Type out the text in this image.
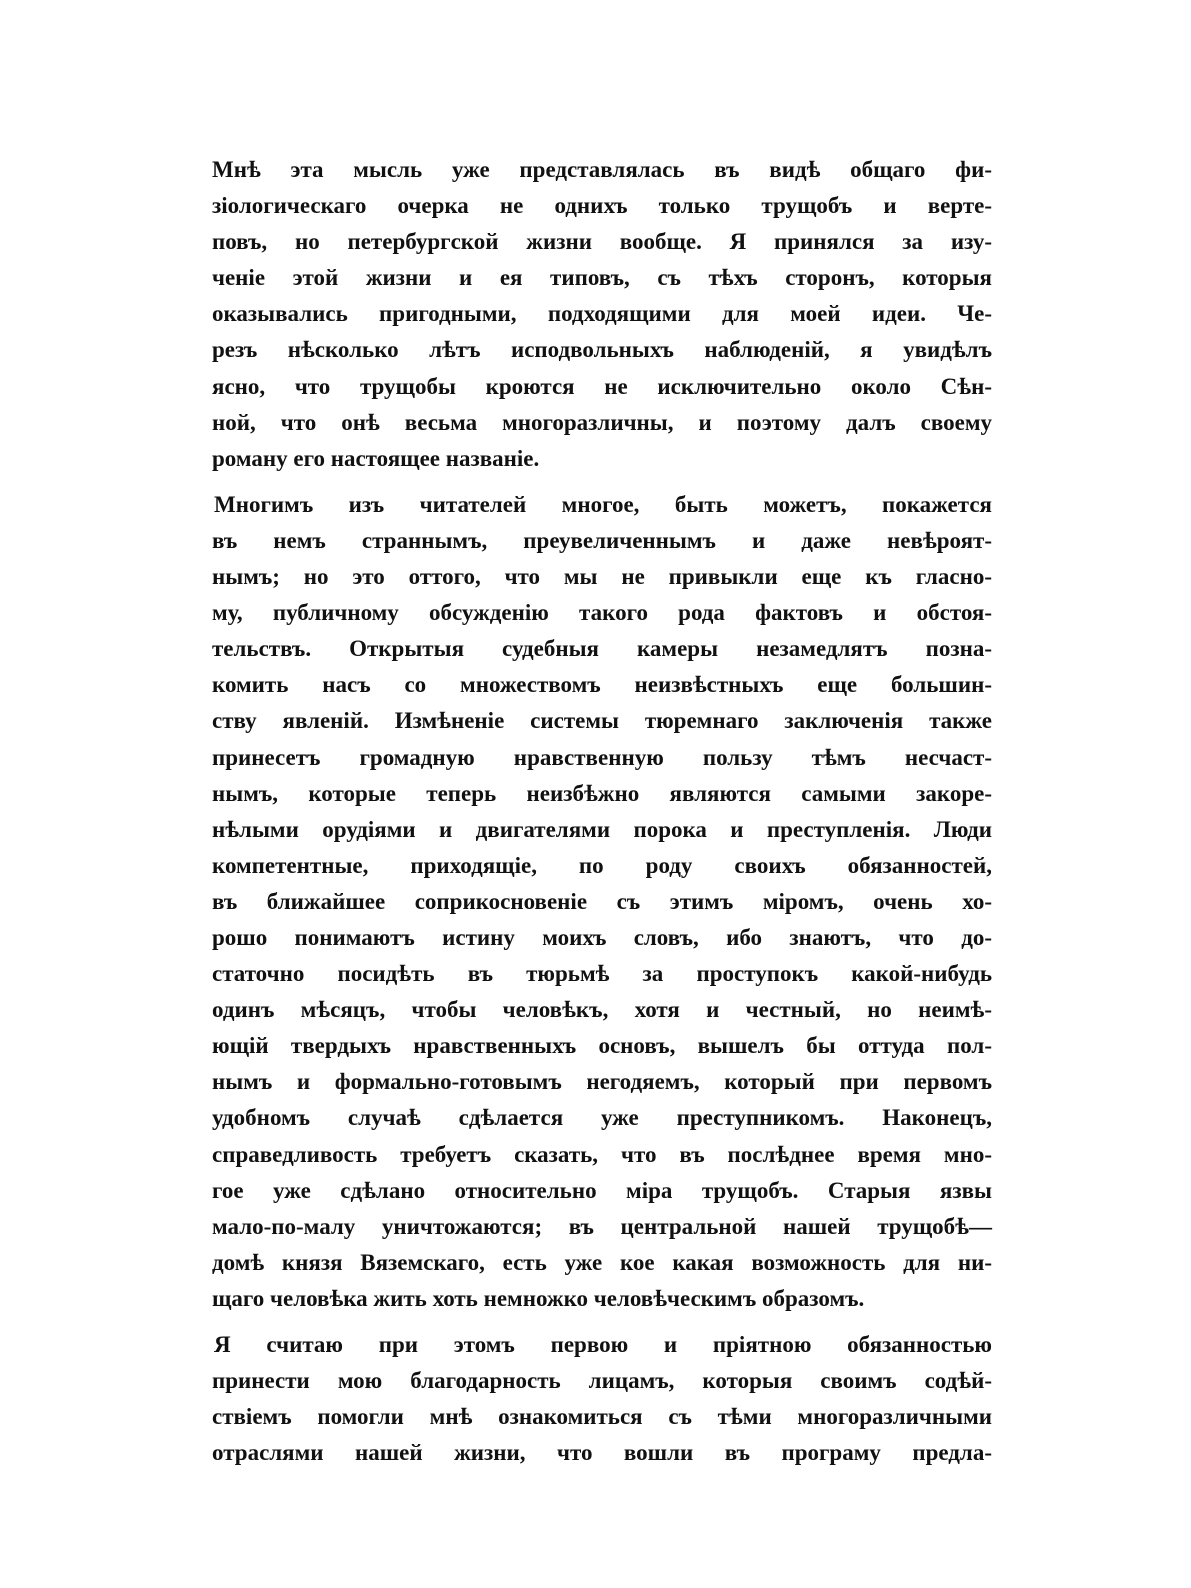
Мнѣ эта мысль уже представлялась въ видѣ общаго фи-
зіологическаго очерка не однихъ только трущобъ и верте-
повъ, но петербургской жизни вообще. Я принялся за изу-
ченіе этой жизни и ея типовъ, съ тѣхъ сторонъ, которыя
оказывались пригодными, подходящими для моей идеи. Че-
резъ нѣсколько лѣтъ исподвольныхъ наблюденій, я увидѣлъ
ясно, что трущобы кроются не исключительно около Сѣн-
ной, что онѣ весьма многоразличны, и поэтому далъ своему
роману его настоящее названіе.
Многимъ изъ читателей многое, быть можетъ, покажется
въ немъ страннымъ, преувеличеннымъ и даже невѣроят-
нымъ; но это оттого, что мы не привыкли еще къ гласно-
му, публичному обсужденію такого рода фактовъ и обстоя-
тельствъ. Открытыя судебныя камеры незамедлятъ позна-
комить насъ со множествомъ неизвѣстныхъ еще большин-
ству явленій. Измѣненіе системы тюремнаго заключенія также
принесетъ громадную нравственную пользу тѣмъ несчаст-
нымъ, которые теперь неизбѣжно являются самыми закоре-
нѣлыми орудіями и двигателями порока и преступленія. Люди
компетентные, приходящіе, по роду своихъ обязанностей,
въ ближайшее соприкосновеніе съ этимъ міромъ, очень хо-
рошо понимаютъ истину моихъ словъ, ибо знаютъ, что до-
статочно посидѣть въ тюрьмѣ за проступокъ какой-нибудь
одинъ мѣсяцъ, чтобы человѣкъ, хотя и честный, но неимѣ-
ющій твердыхъ нравственныхъ основъ, вышелъ бы оттуда пол-
нымъ и формально-готовымъ негодяемъ, который при первомъ
удобномъ случаѣ сдѣлается уже преступникомъ. Наконецъ,
справедливость требуетъ сказать, что въ послѣднее время мно-
гое уже сдѣлано относительно міра трущобъ. Старыя язвы
мало-по-малу уничтожаются; въ центральной нашей трущобѣ—
домѣ князя Вяземскаго, есть уже кое какая возможность для ни-
щаго человѣка жить хоть немножко человѣческимъ образомъ.
Я считаю при этомъ первою и пріятною обязанностью
принести мою благодарность лицамъ, которыя своимъ содѣй-
ствіемъ помогли мнѣ ознакомиться съ тѣми многоразличными
отраслями нашей жизни, что вошли въ програму предла-
